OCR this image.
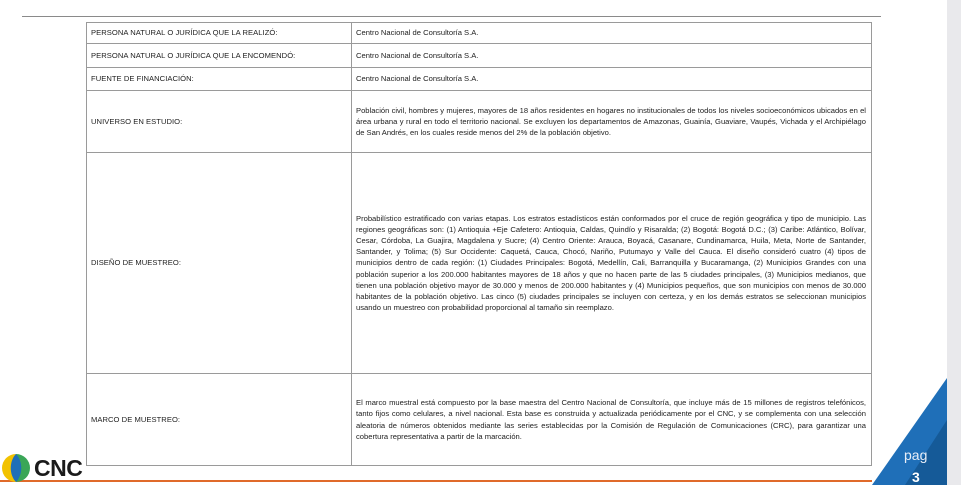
PERSONA NATURAL O JURÍDICA QUE LA REALIZÓ:	Centro Nacional de Consultoría S.A.
PERSONA NATURAL O JURÍDICA QUE LA ENCOMENDÓ:	Centro Nacional de Consultoría S.A.
FUENTE DE FINANCIACIÓN:	Centro Nacional de Consultoría S.A.
UNIVERSO EN ESTUDIO:	Población civil, hombres y mujeres, mayores de 18 años residentes en hogares no institucionales de todos los niveles socioeconómicos ubicados en el área urbana y rural en todo el territorio nacional. Se excluyen los departamentos de Amazonas, Guainía, Guaviare, Vaupés, Vichada y el Archipiélago de San Andrés, en los cuales reside menos del 2% de la población objetivo.
DISEÑO DE MUESTREO:	Probabilístico estratificado con varias etapas. Los estratos estadísticos están conformados por el cruce de región geográfica y tipo de municipio. Las regiones geográficas son: (1) Antioquia +Eje Cafetero: Antioquia, Caldas, Quindío y Risaralda; (2) Bogotá: Bogotá D.C.; (3) Caribe: Atlántico, Bolívar, Cesar, Córdoba, La Guajira, Magdalena y Sucre; (4) Centro Oriente: Arauca, Boyacá, Casanare, Cundinamarca, Huila, Meta, Norte de Santander, Santander, y Tolima; (5) Sur Occidente: Caquetá, Cauca, Chocó, Nariño, Putumayo y Valle del Cauca. El diseño consideró cuatro (4) tipos de municipios dentro de cada región: (1) Ciudades Principales: Bogotá, Medellín, Cali, Barranquilla y Bucaramanga, (2) Municipios Grandes con una población superior a los 200.000 habitantes mayores de 18 años y que no hacen parte de las 5 ciudades principales, (3) Municipios medianos, que tienen una población objetivo mayor de 30.000 y menos de 200.000 habitantes y (4) Municipios pequeños, que son municipios con menos de 30.000 habitantes de la población objetivo. Las cinco (5) ciudades principales se incluyen con certeza, y en los demás estratos se seleccionan municipios usando un muestreo con probabilidad proporcional al tamaño sin reemplazo.
MARCO DE MUESTREO:	El marco muestral está compuesto por la base maestra del Centro Nacional de Consultoría, que incluye más de 15 millones de registros telefónicos, tanto fijos como celulares, a nivel nacional. Esta base es construida y actualizada periódicamente por el CNC, y se complementa con una selección aleatoria de números obtenidos mediante las series establecidas por la Comisión de Regulación de Comunicaciones (CRC), para garantizar una cobertura representativa a partir de la marcación.
pag
3
CNC
